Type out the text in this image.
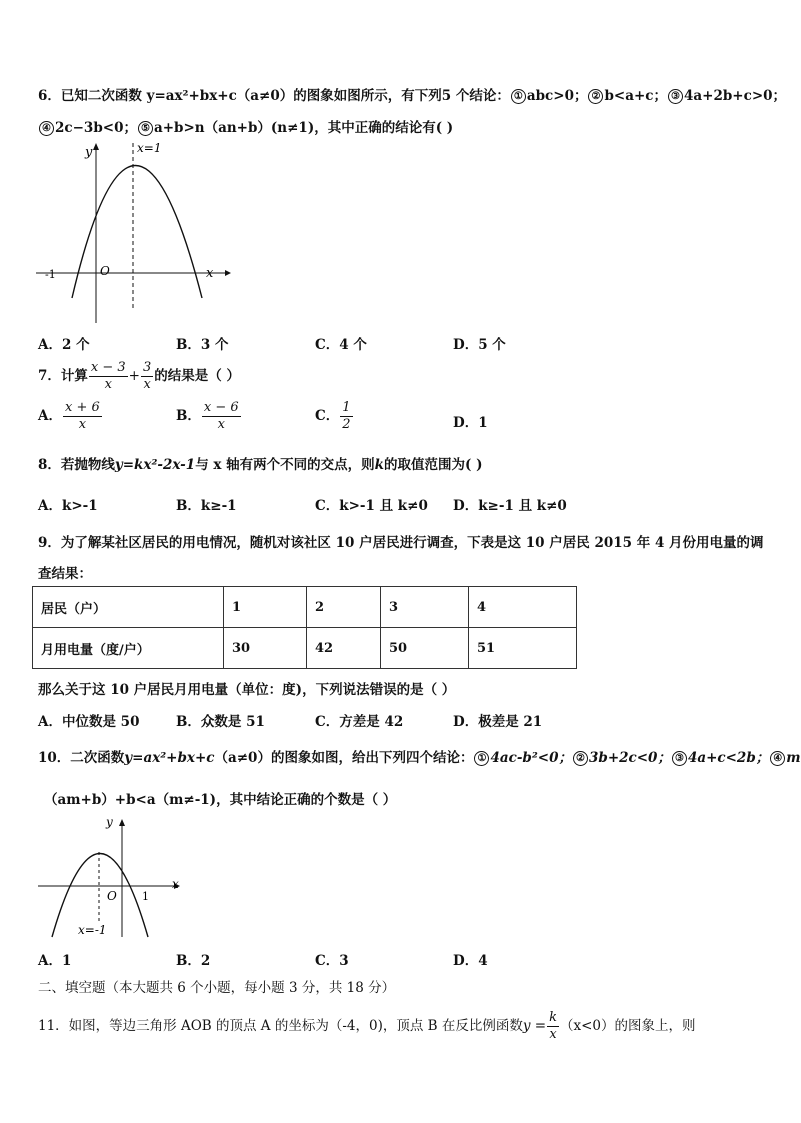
6．已知二次函数 y=ax²+bx+c（a≠0）的图象如图所示，有下列5 个结论： ① abc>0； ② b<a+c； ③ 4a+2b+c>0；
④ 2c−3b<0； ⑤ a+b>n（an+b）(n≠1)，其中正确的结论有( )
y
x
O
-1
x=1
A．2 个	B．3 个	C．4 个	D．5 个
7．计算 $\frac{x - 3}{x} + \frac{3}{x}$ 的结果是（ ）
A． $\frac{x + 6}{x}$	B． $\frac{x - 6}{x}$	C． $\frac{1}{2}$	D．1
8．若抛物线y=kx²-2x-1与 x 轴有两个不同的交点，则k的取值范围为( )
A．k>-1	B．k≥-1	C．k>-1 且 k≠0 D．k≥-1 且 k≠0
9．为了解某社区居民的用电情况，随机对该社区 10 户居民进行调查，下表是这 10 户居民 2015 年 4 月份用电量的调
查结果：
居民（户）	1	2	3	4
月用电量（度/户）	30	42	50	51
那么关于这 10 户居民月用电量（单位：度)，下列说法错误的是（ ）
A．中位数是 50	B．众数是 51	C．方差是 42	D．极差是 21
10．二次函数y=ax²+bx+c（a≠0）的图象如图，给出下列四个结论： ① 4ac-b²<0； ② 3b+2c<0； ③ 4a+c<2b； ④ m
（am+b）+b<a（m≠-1)，其中结论正确的个数是（ ）
y
x
O 1
x=-1
A．1	B．2	C．3	D．4
二、填空题（本大题共 6 个小题，每小题 3 分，共 18 分）
11．如图，等边三角形 AOB 的顶点 A 的坐标为（-4，0)，顶点 B 在反比例函数$y = \frac{k}{x} (x<0)$的图象上，则
